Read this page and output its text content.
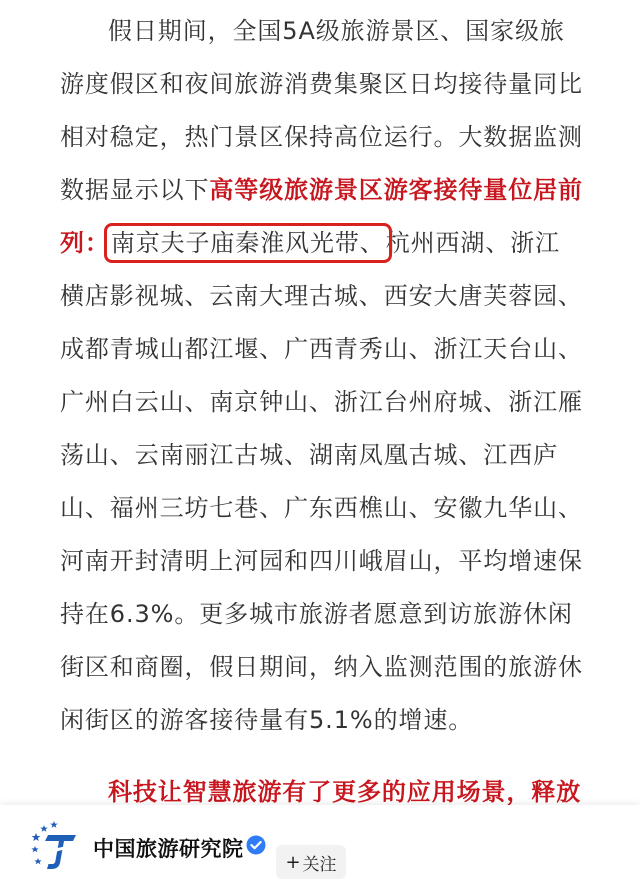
假日期间，全国5A级旅游景区、国家级旅游度假区和夜间旅游消费集聚区日均接待量同比相对稳定，热门景区保持高位运行。大数据监测数据显示以下高等级旅游景区游客接待量位居前列：南京夫子庙秦淮风光带、杭州西湖、浙江横店影视城、云南大理古城、西安大唐芙蓉园、成都青城山都江堰、广西青秀山、浙江天台山、广州白云山、南京钟山、浙江台州府城、浙江雁荡山、云南丽江古城、湖南凤凰古城、江西庐山、福州三坊七巷、广东西樵山、安徽九华山、河南开封清明上河园和四川峨眉山，平均增速保持在6.3%。更多城市旅游者愿意到访旅游休闲街区和商圈，假日期间，纳入监测范围的旅游休闲街区的游客接待量有5.1%的增速。

科技让智慧旅游有了更多的应用场景，释放

中国旅游研究院
+ 关注
